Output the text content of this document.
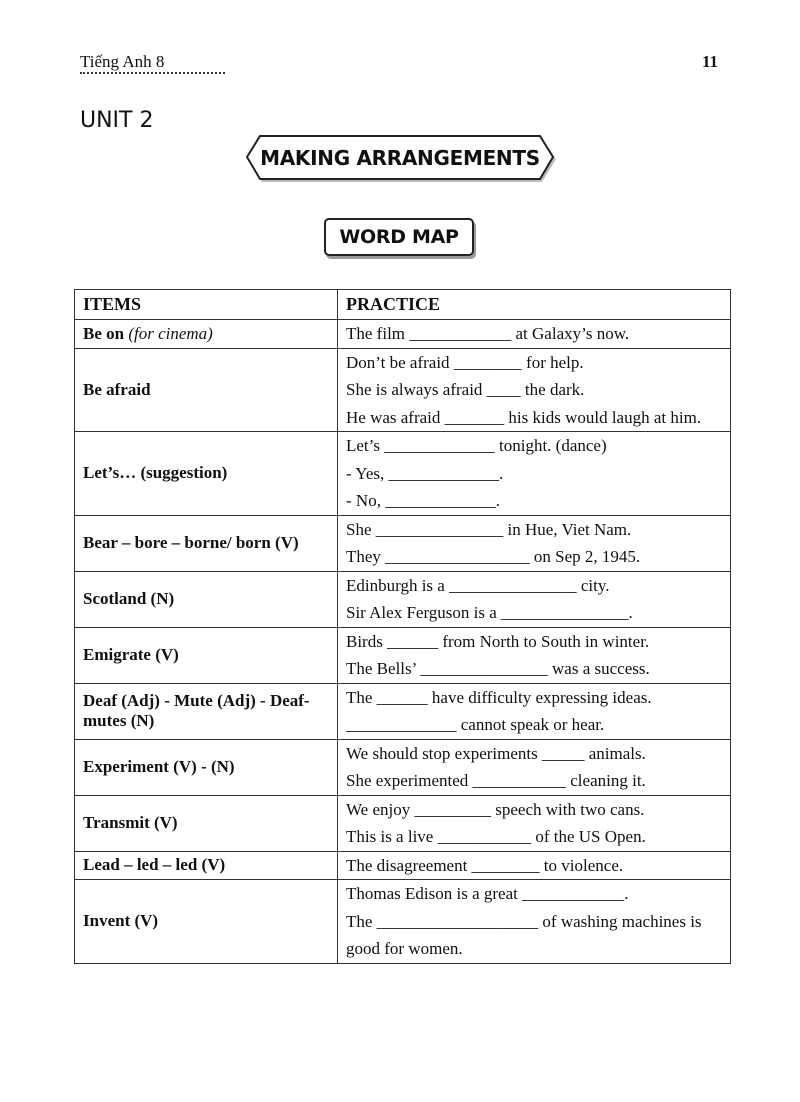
Tiếng Anh 8	11
UNIT 2
MAKING ARRANGEMENTS
WORD MAP
ITEMS	PRACTICE
Be on (for cinema)	The film ____________ at Galaxy’s now.

Be afraid	Don’t be afraid ________ for help.
She is always afraid ____ the dark.
He was afraid _______ his kids would laugh at him.

Let’s… (suggestion)	Let’s _____________ tonight. (dance)
- Yes, _____________.
- No, _____________.

Bear – bore – borne/ born (V)	She _______________ in Hue, Viet Nam.
They _________________ on Sep 2, 1945.

Scotland (N)	Edinburgh is a _______________ city.
Sir Alex Ferguson is a _______________.

Emigrate (V)	Birds ______ from North to South in winter.
The Bells’ _______________ was a success.

Deaf (Adj) - Mute (Adj) - Deaf-mutes (N)	The ______ have difficulty expressing ideas.
_____________ cannot speak or hear.

Experiment (V) - (N)	We should stop experiments _____ animals.
She experimented ___________ cleaning it.

Transmit (V)	We enjoy _________ speech with two cans.
This is a live ___________ of the US Open.

Lead – led – led (V)	The disagreement ________ to violence.

Invent (V)	Thomas Edison is a great ____________.
The ___________________ of washing machines is good for women.
